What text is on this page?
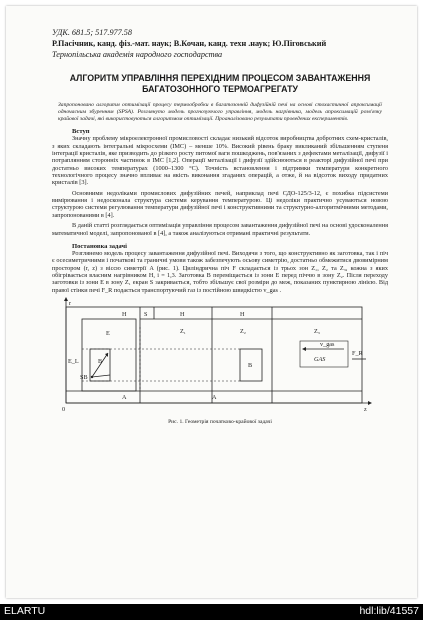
УДК. 681.5; 517.977.58
Р.Пасічник, канд. фіз.-мат. наук; В.Кочан, канд. техн .наук; Ю.Піговський
Тернопільська академія народного господарства
АЛГОРИТМ УПРАВЛІННЯ ПЕРЕХІДНИМ ПРОЦЕСОМ ЗАВАНТАЖЕННЯ БАГАТОЗОННОГО ТЕРМОАГРЕГАТУ
Запропоновано алгоритм оптимізації процесу термообробки в багатозонній дифузійній печі на основі стохастичної апроксимації одночасним збуренням (SPSA). Розглянуто модель прогнозуючого управління, модель нагрівника, модель апроксимацій розв'язку крайової задачі, які використовуються алгоритмом оптимізації. Проаналізовано результати проведених експериментів.
Вступ

Значну проблему мікроелектронної промисловості складає низький відсоток виробництва добротних схем-кристалів, з яких складають інтегральні мікросхеми (ІМС) – менше 10%. Високий рівень браку викликаний збільшенням ступеня інтеграції кристалів, яке призводить до різкого росту питомої ваги пошкоджень, пов'язаних з дефектами металізації, дифузії і потраплянням сторонніх частинок в ІМС [1,2]. Операції металізації і дифузії здійснюються в реакторі дифузійної печі при достатньо високих температурах (1000–1300 °С). Точність встановлення і підтримки температури конкретного технологічного процесу значно впливає на якість виконання згаданих операцій, а отже, й на відсоток виходу придатних кристалів [3].

Основними недоліками промислових дифузійних печей, наприклад печі СДО-125/3-12, є похибка підсистеми вимірювання і недосконала структура системи керування температурою. Ці недоліки практично усуваються новою структурою системи регулювання температури дифузійної печі і конструктивними та структурно-алгоритмічними методами, запропонованими в [4].

В даній статті розглядається оптимізація управління процесом завантаження дифузійної печі на основі удосконалення математичної моделі, запропонованої в [4], а також аналізуються отримані практичні результати.

Постановка задачі

Розглянемо модель процесу завантаження дифузійної печі. Виходячи з того, що конструктивно як заготовка, так і піч є осесиметричними і початкові та граничні умови також забезпечують осьову симетрію, достатньо обмежитися двовимірним простором (r, z) з віссю симетрії A (рис. 1). Циліндрична піч F складається із трьох зон Z₁, Z₂ та Z₃, кожна з яких обігрівається власним нагрівником H, i = 1,3. Заготовка B переміщається із зони E перед піччю в зону Z₂. Після переходу заготовки із зони E в зону Z₁ екран S закривається, тобто збільшує свої розміри до меж, показаних пунктирною лінією. Від правої стінки печі F_R подається транспортуючий газ із постійною швидкістю v_gas .

E
S
H	H	H
Z₁	Z₂	Z₃
E_L	B
SB
B
v_gas
GAS
F_R
A	A
r
z
0
Рис. 1. Геометрія початково-крайової задачі
ELARTU	hdl:lib/41557
